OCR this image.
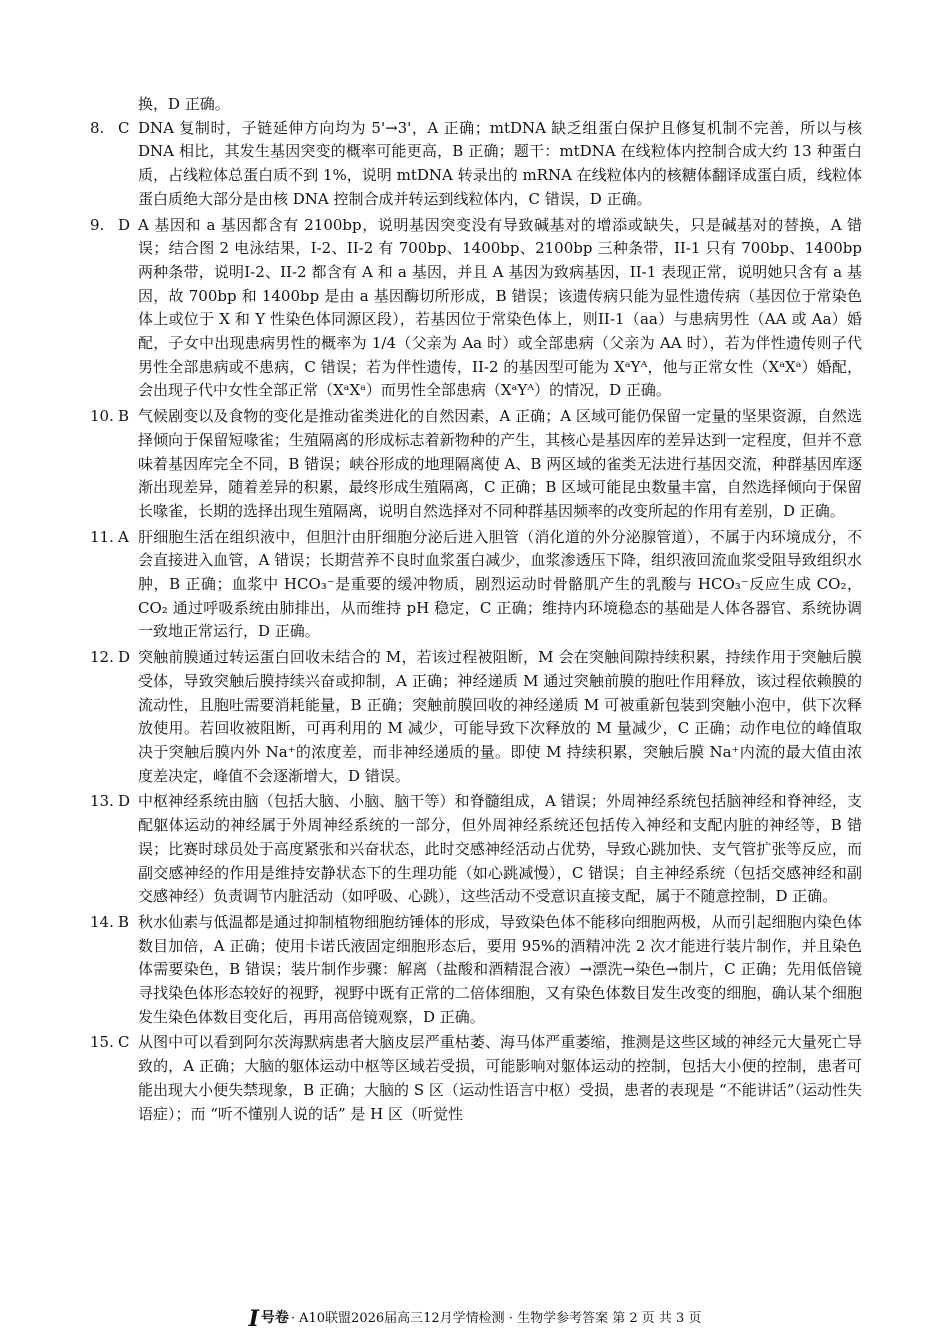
换，D 正确。
8. C DNA 复制时，子链延伸方向均为 5'→3'，A 正确；mtDNA 缺乏组蛋白保护且修复机制不完善，所以与核 DNA 相比，其发生基因突变的概率可能更高，B 正确；题干：mtDNA 在线粒体内控制合成大约 13 种蛋白质，占线粒体总蛋白质不到 1%，说明 mtDNA 转录出的 mRNA 在线粒体内的核糖体翻译成蛋白质，线粒体蛋白质绝大部分是由核 DNA 控制合成并转运到线粒体内，C 错误，D 正确。
9. D A 基因和 a 基因都含有 2100bp，说明基因突变没有导致碱基对的增添或缺失，只是碱基对的替换，A 错误；结合图 2 电泳结果，I-2、II-2 有 700bp、1400bp、2100bp 三种条带，II-1 只有 700bp、1400bp 两种条带，说明I-2、II-2 都含有 A 和 a 基因，并且 A 基因为致病基因，II-1 表现正常，说明她只含有 a 基因，故 700bp 和 1400bp 是由 a 基因酶切所形成，B 错误；该遗传病只能为显性遗传病（基因位于常染色体上或位于 X 和 Y 性染色体同源区段），若基因位于常染色体上，则II-1（aa）与患病男性（AA 或 Aa）婚配，子女中出现患病男性的概率为 1/4（父亲为 Aa 时）或全部患病（父亲为 AA 时），若为伴性遗传则子代男性全部患病或不患病，C 错误；若为伴性遗传，II-2 的基因型可能为 XᵃYᴬ，他与正常女性（XᵃXᵃ）婚配，会出现子代中女性全部正常（XᵃXᵃ）而男性全部患病（XᵃYᴬ）的情况，D 正确。
10. B 气候剧变以及食物的变化是推动雀类进化的自然因素，A 正确；A 区域可能仍保留一定量的坚果资源，自然选择倾向于保留短喙雀；生殖隔离的形成标志着新物种的产生，其核心是基因库的差异达到一定程度，但并不意味着基因库完全不同，B 错误；峡谷形成的地理隔离使 A、B 两区域的雀类无法进行基因交流，种群基因库逐渐出现差异，随着差异的积累，最终形成生殖隔离，C 正确；B 区域可能昆虫数量丰富，自然选择倾向于保留长喙雀，长期的选择出现生殖隔离，说明自然选择对不同种群基因频率的改变所起的作用有差别，D 正确。
11. A 肝细胞生活在组织液中，但胆汁由肝细胞分泌后进入胆管（消化道的外分泌腺管道），不属于内环境成分，不会直接进入血管，A 错误；长期营养不良时血浆蛋白减少，血浆渗透压下降，组织液回流血浆受阻导致组织水肿，B 正确；血浆中 HCO₃⁻是重要的缓冲物质，剧烈运动时骨骼肌产生的乳酸与 HCO₃⁻反应生成 CO₂，CO₂ 通过呼吸系统由肺排出，从而维持 pH 稳定，C 正确；维持内环境稳态的基础是人体各器官、系统协调一致地正常运行，D 正确。
12. D 突触前膜通过转运蛋白回收未结合的 M，若该过程被阻断，M 会在突触间隙持续积累，持续作用于突触后膜受体，导致突触后膜持续兴奋或抑制，A 正确；神经递质 M 通过突触前膜的胞吐作用释放，该过程依赖膜的流动性，且胞吐需要消耗能量，B 正确；突触前膜回收的神经递质 M 可被重新包装到突触小泡中，供下次释放使用。若回收被阻断，可再利用的 M 减少，可能导致下次释放的 M 量减少，C 正确；动作电位的峰值取决于突触后膜内外 Na⁺的浓度差，而非神经递质的量。即使 M 持续积累，突触后膜 Na⁺内流的最大值由浓度差决定，峰值不会逐渐增大，D 错误。
13. D 中枢神经系统由脑（包括大脑、小脑、脑干等）和脊髓组成，A 错误；外周神经系统包括脑神经和脊神经，支配躯体运动的神经属于外周神经系统的一部分，但外周神经系统还包括传入神经和支配内脏的神经等，B 错误；比赛时球员处于高度紧张和兴奋状态，此时交感神经活动占优势，导致心跳加快、支气管扩张等反应，而副交感神经的作用是维持安静状态下的生理功能（如心跳减慢），C 错误；自主神经系统（包括交感神经和副交感神经）负责调节内脏活动（如呼吸、心跳），这些活动不受意识直接支配，属于不随意控制，D 正确。
14. B 秋水仙素与低温都是通过抑制植物细胞纺锤体的形成，导致染色体不能移向细胞两极，从而引起细胞内染色体数目加倍，A 正确；使用卡诺氏液固定细胞形态后，要用 95%的酒精冲洗 2 次才能进行装片制作，并且染色体需要染色，B 错误；装片制作步骤：解离（盐酸和酒精混合液）→漂洗→染色→制片，C 正确；先用低倍镜寻找染色体形态较好的视野，视野中既有正常的二倍体细胞，又有染色体数目发生改变的细胞，确认某个细胞发生染色体数目变化后，再用高倍镜观察，D 正确。
15. C 从图中可以看到阿尔茨海默病患者大脑皮层严重枯萎、海马体严重萎缩，推测是这些区域的神经元大量死亡导致的，A 正确；大脑的躯体运动中枢等区域若受损，可能影响对躯体运动的控制，包括大小便的控制，患者可能出现大小便失禁现象，B 正确；大脑的 S 区（运动性语言中枢）受损，患者的表现是 “不能讲话”（运动性失语症）；而 “听不懂别人说的话” 是 H 区（听觉性
I号卷 · A10联盟2026届高三12月学情检测 · 生物学参考答案 第 2 页 共 3 页
